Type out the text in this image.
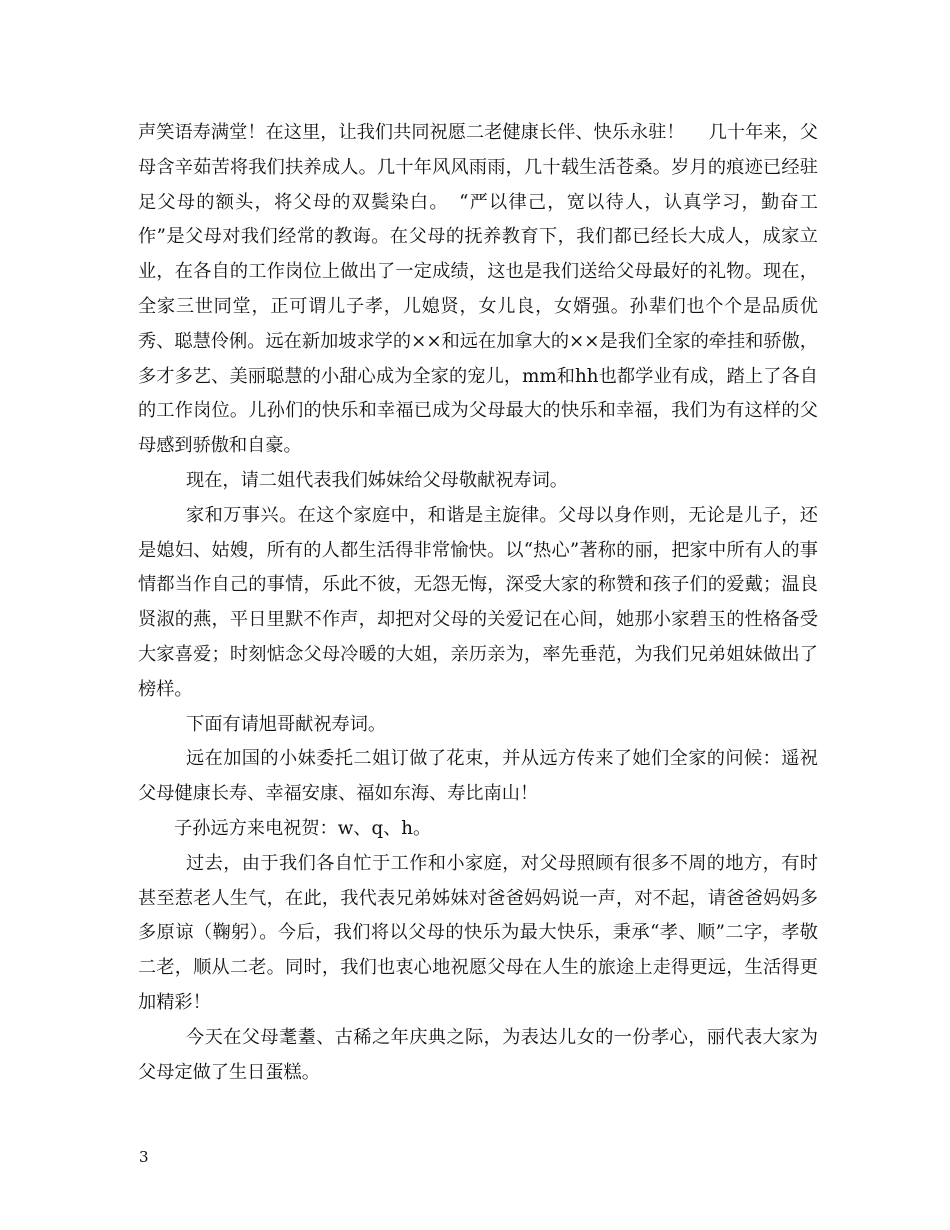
声笑语寿满堂！在这里，让我们共同祝愿二老健康长伴、快乐永驻！　 几十年来，父母含辛茹苦将我们扶养成人。几十年风风雨雨，几十载生活苍桑。岁月的痕迹已经驻足父母的额头，将父母的双鬓染白。　“严以律己，宽以待人，认真学习，勤奋工作”是父母对我们经常的教诲。在父母的抚养教育下，我们都已经长大成人，成家立业，在各自的工作岗位上做出了一定成绩，这也是我们送给父母最好的礼物。现在，全家三世同堂，正可谓儿子孝，儿媳贤，女儿良，女婿强。孙辈们也个个是品质优秀、聪慧伶俐。远在新加坡求学的××和远在加拿大的××是我们全家的牵挂和骄傲，多才多艺、美丽聪慧的小甜心成为全家的宠儿，mm和hh也都学业有成，踏上了各自的工作岗位。儿孙们的快乐和幸福已成为父母最大的快乐和幸福，我们为有这样的父母感到骄傲和自豪。

现在，请二姐代表我们姊妹给父母敬献祝寿词。

家和万事兴。在这个家庭中，和谐是主旋律。父母以身作则，无论是儿子，还是媳妇、姑嫂，所有的人都生活得非常愉快。以“热心”著称的丽，把家中所有人的事情都当作自己的事情，乐此不彼，无怨无悔，深受大家的称赞和孩子们的爱戴；温良贤淑的燕，平日里默不作声，却把对父母的关爱记在心间，她那小家碧玉的性格备受大家喜爱；时刻惦念父母冷暖的大姐，亲历亲为，率先垂范，为我们兄弟姐妹做出了榜样。

下面有请旭哥献祝寿词。

远在加国的小妹委托二姐订做了花束，并从远方传来了她们全家的问候：遥祝父母健康长寿、幸福安康、福如东海、寿比南山！

子孙远方来电祝贺：w、q、h。

过去，由于我们各自忙于工作和小家庭，对父母照顾有很多不周的地方，有时甚至惹老人生气，在此，我代表兄弟姊妹对爸爸妈妈说一声，对不起，请爸爸妈妈多多原谅（鞠躬）。今后，我们将以父母的快乐为最大快乐，秉承“孝、顺”二字，孝敬二老，顺从二老。同时，我们也衷心地祝愿父母在人生的旅途上走得更远，生活得更加精彩！

今天在父母耄耋、古稀之年庆典之际，为表达儿女的一份孝心，丽代表大家为父母定做了生日蛋糕。

3
